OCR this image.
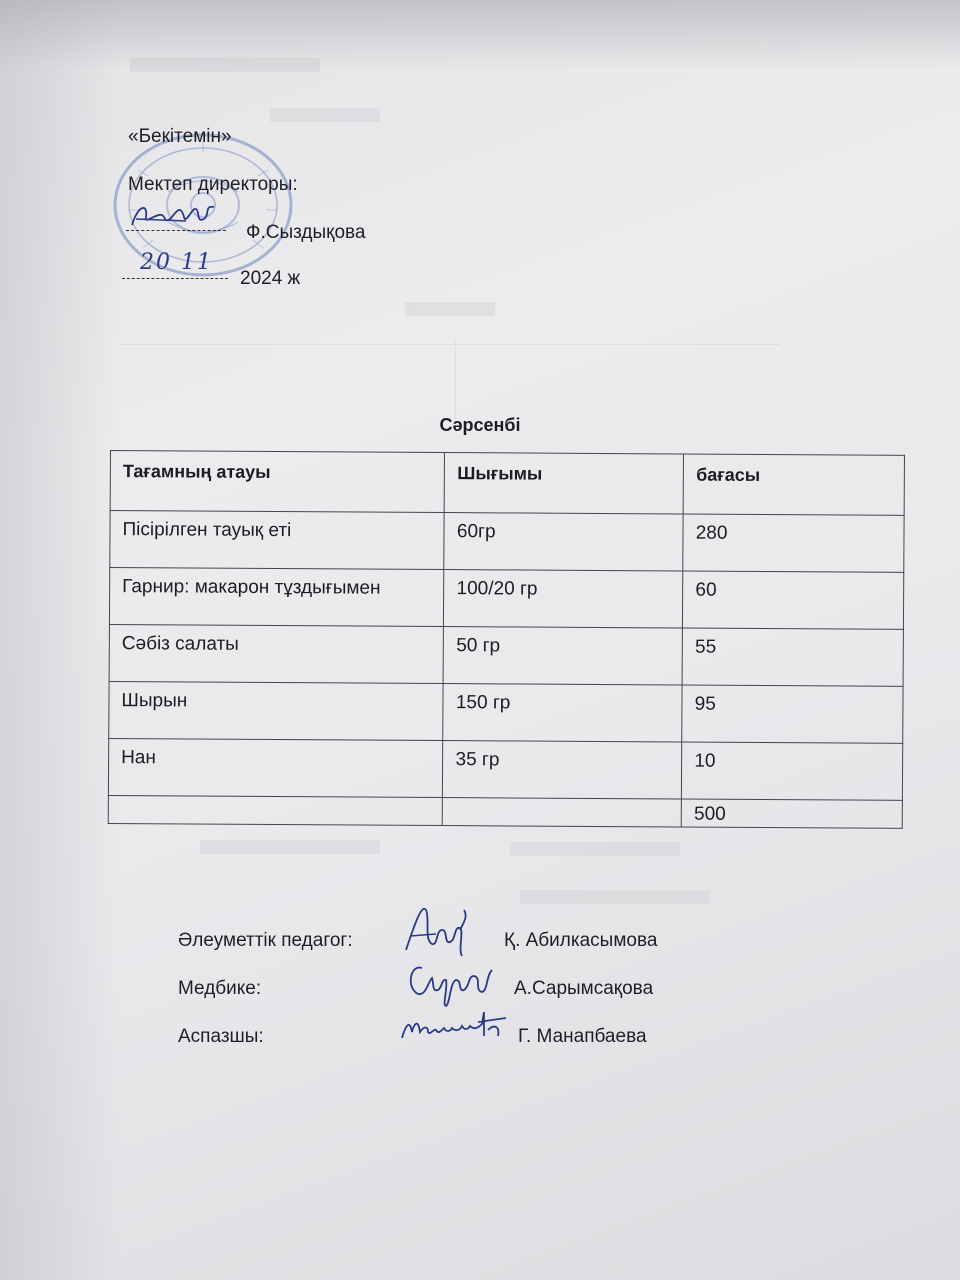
«Бекітемін»
Мектеп директоры:
Ф.Сыздықова
20 11
2024 ж
Сәрсенбі
Тағамның атауы	Шығымы	бағасы
Пісірілген тауық еті	60гр	280
Гарнир: макарон тұздығымен	100/20 гр	60
Сәбіз салаты	50 гр	55
Шырын	150 гр	95
Нан	35 гр	10
		500
Әлеуметтік педагог:	Қ. Абилкасымова
Медбике:	А.Сарымсақова
Аспазшы:	Г. Манапбаева
